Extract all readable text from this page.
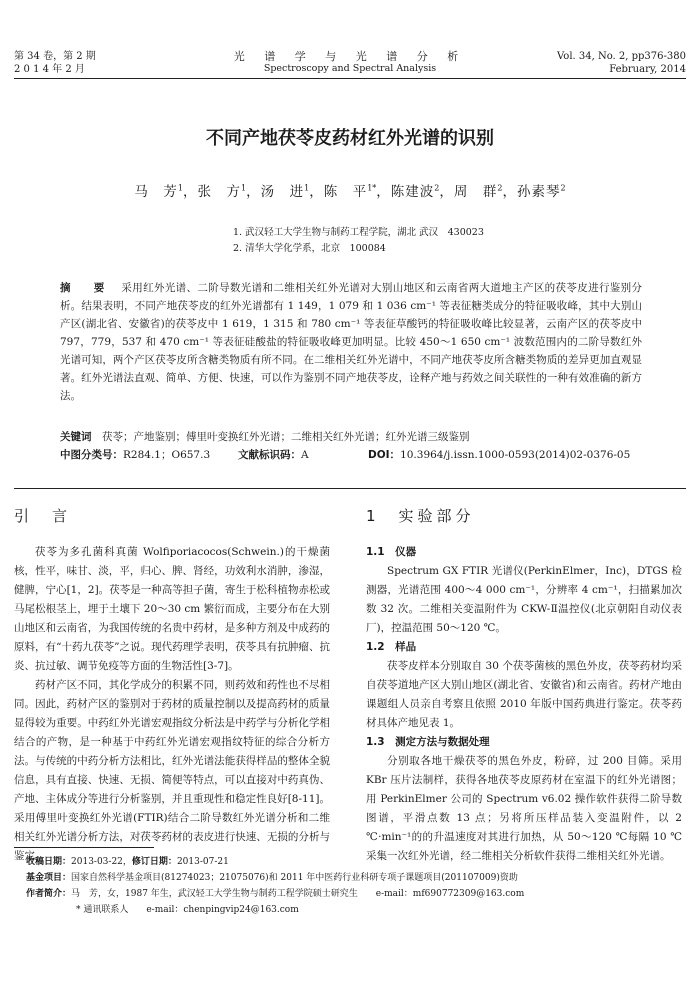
第 34 卷，第 2 期
2 0 1 4 年 2 月
光 谱 学 与 光 谱 分 析
Spectroscopy and Spectral Analysis
Vol. 34, No. 2, pp376-380
February, 2014
不同产地茯苓皮药材红外光谱的识别
马　芳$^1$，张　方$^1$，汤　进$^1$，陈　平$^{1*}$，陈建波$^2$，周　群$^2$，孙素琴$^2$
1. 武汉轻工大学生物与制药工程学院，湖北 武汉　430023
2. 清华大学化学系，北京　100084
摘　要　 采用红外光谱、二阶导数光谱和二维相关红外光谱对大别山地区和云南省两大道地主产区的茯苓皮进行鉴别分析。结果表明，不同产地茯苓皮的红外光谱都有 1 149，1 079 和 1 036 cm⁻¹ 等表征糖类成分的特征吸收峰，其中大别山产区(湖北省、安徽省)的茯苓皮中 1 619，1 315 和 780 cm⁻¹ 等表征草酸钙的特征吸收峰比较显著，云南产区的茯苓皮中 797，779，537 和 470 cm⁻¹ 等表征硅酸盐的特征吸收峰更加明显。比较 450～1 650 cm⁻¹ 波数范围内的二阶导数红外光谱可知，两个产区茯苓皮所含糖类物质有所不同。在二维相关红外光谱中，不同产地茯苓皮所含糖类物质的差异更加直观显著。红外光谱法直观、简单、方便、快速，可以作为鉴别不同产地茯苓皮，诠释产地与药效之间关联性的一种有效准确的新方法。
关键词　 茯苓；产地鉴别；傅里叶变换红外光谱；二维相关红外光谱；红外光谱三级鉴别
中图分类号：R284.1；O657.3	文献标识码：A	DOI：10.3964/j.issn.1000-0593(2014)02-0376-05
引　言

茯苓为多孔菌科真菌 Wolfiporiacocos(Schwein.)的干燥菌核，性平，味甘、淡，平，归心、脾、肾经，功效利水消肿，渗湿，健脾，宁心[1，2]。茯苓是一种高等担子菌，寄生于松科植物赤松或马尾松根茎上，埋于土壤下 20～30 cm 繁衍而成，主要分布在大别山地区和云南省，为我国传统的名贵中药材，是多种方剂及中成药的原料，有“十药九茯苓”之说。现代药理学表明，茯苓具有抗肿瘤、抗炎、抗过敏、调节免疫等方面的生物活性[3-7]。

药材产区不同，其化学成分的积累不同，则药效和药性也不尽相同。因此，药材产区的鉴别对于药材的质量控制以及提高药材的质量显得较为重要。中药红外光谱宏观指纹分析法是中药学与分析化学相结合的产物，是一种基于中药红外光谱宏观指纹特征的综合分析方法。与传统的中药分析方法相比，红外光谱法能获得样品的整体全貌信息，具有直接、快速、无损、简便等特点，可以直接对中药真伪、产地、主体成分等进行分析鉴别，并且重现性和稳定性良好[8-11]。采用傅里叶变换红外光谱(FTIR)结合二阶导数红外光谱分析和二维相关红外光谱分析方法，对茯苓药材的表皮进行快速、无损的分析与鉴定。

1　实验部分
1.1　仪器

Spectrum GX FTIR 光谱仪(PerkinElmer，Inc)，DTGS 检测器，光谱范围 400～4 000 cm⁻¹，分辨率 4 cm⁻¹，扫描累加次数 32 次。二维相关变温附件为 CKW-Ⅱ温控仪(北京朝阳自动仪表厂)，控温范围 50～120 ℃。

1.2　样品

茯苓皮样本分别取自 30 个茯苓菌核的黑色外皮，茯苓药材均采自茯苓道地产区大别山地区(湖北省、安徽省)和云南省。药材产地由课题组人员亲自考察且依照 2010 年版中国药典进行鉴定。茯苓药材具体产地见表 1。

1.3　测定方法与数据处理

分别取各地干燥茯苓的黑色外皮，粉碎，过 200 目筛。采用 KBr 压片法制样，获得各地茯苓皮原药材在室温下的红外光谱图；用 PerkinElmer 公司的 Spectrum v6.02 操作软件获得二阶导数图谱，平滑点数 13 点；另将所压样品装入变温附件，以 2 ℃·min⁻¹的的升温速度对其进行加热，从 50～120 ℃每隔 10 ℃采集一次红外光谱，经二维相关分析软件获得二维相关红外光谱。

收稿日期：2013-03-22，修订日期：2013-07-21
基金项目：国家自然科学基金项目(81274023；21075076)和 2011 年中医药行业科研专项子课题项目(201107009)资助
作者简介：马　芳，女，1987 年生，武汉轻工大学生物与制药工程学院硕士研究生　　e-mail：mf690772309@163.com
* 通讯联系人　　e-mail：chenpingvip24@163.com
